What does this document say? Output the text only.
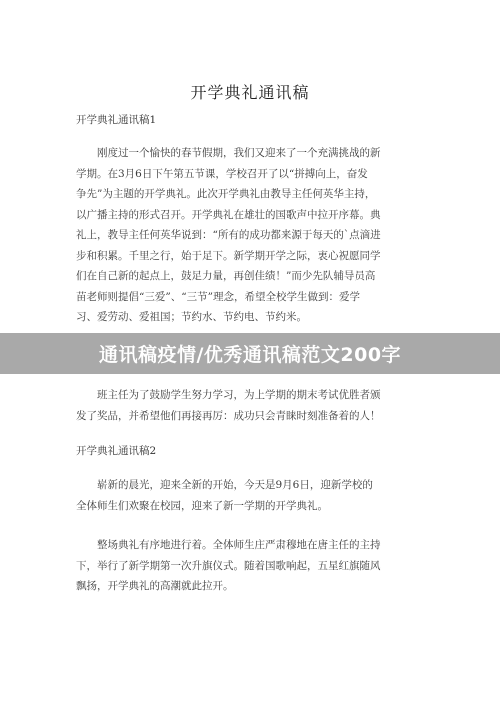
开学典礼通讯稿
开学典礼通讯稿1
刚度过一个愉快的春节假期，我们又迎来了一个充满挑战的新
学期。在3月6日下午第五节课，学校召开了以“拼搏向上，奋发
争先”为主题的开学典礼。此次开学典礼由教导主任何英华主持，
以广播主持的形式召开。开学典礼在雄壮的国歌声中拉开序幕。典
礼上，教导主任何英华说到：“所有的成功都来源于每天的`点滴进
步和积累。千里之行，始于足下。新学期开学之际，衷心祝愿同学
们在自己新的起点上，鼓足力量，再创佳绩！”而少先队辅导员高
苗老师则提倡“三爱”、“三节”理念，希望全校学生做到：爱学
习、爱劳动、爱祖国；节约水、节约电、节约米。
班主任为了鼓励学生努力学习，为上学期的期末考试优胜者颁
发了奖品，并希望他们再接再厉：成功只会青睐时刻准备着的人！
开学典礼通讯稿2
崭新的晨光，迎来全新的开始，今天是9月6日，迎新学校的
全体师生们欢聚在校园，迎来了新一学期的开学典礼。
整场典礼有序地进行着。全体师生庄严肃穆地在唐主任的主持
下，举行了新学期第一次升旗仪式。随着国歌响起，五星红旗随风
飘扬，开学典礼的高潮就此拉开。
通讯稿疫情/优秀通讯稿范文200字
